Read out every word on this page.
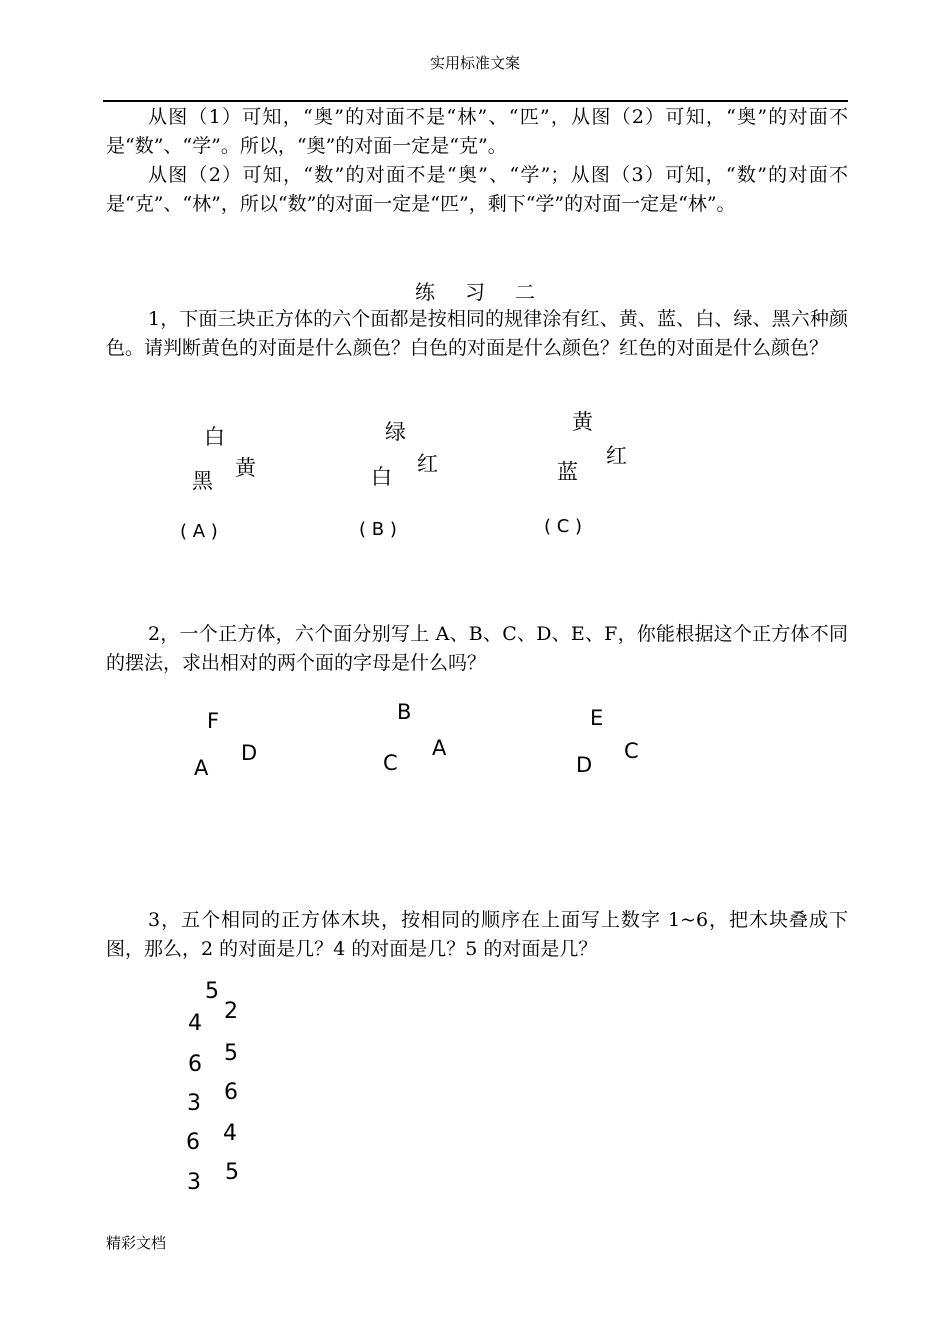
实用标准文案

从图（1）可知，“奥”的对面不是“林”、“匹”，从图（2）可知，“奥”的对面不是“数”、“学”。所以，“奥”的对面一定是“克”。

从图（2）可知，“数”的对面不是“奥”、“学”；从图（3）可知，“数”的对面不是“克”、“林”，所以“数”的对面一定是“匹”，剩下“学”的对面一定是“林”。

练习二

1，下面三块正方体的六个面都是按相同的规律涂有红、黄、蓝、白、绿、黑六种颜色。请判断黄色的对面是什么颜色？白色的对面是什么颜色？红色的对面是什么颜色？

白
黑
黄
( A )
绿
白
红
( B )
黄
蓝
红
( C )

2，一个正方体，六个面分别写上 A、B、C、D、E、F，你能根据这个正方体不同的摆法，求出相对的两个面的字母是什么吗？

F
A
D
B
C
A
E
D
C

3，五个相同的正方体木块，按相同的顺序在上面写上数字 1~6，把木块叠成下图，那么，2 的对面是几？4 的对面是几？5 的对面是几？

5
4 2
6 5
3 6
6 4
3 5
精彩文档
